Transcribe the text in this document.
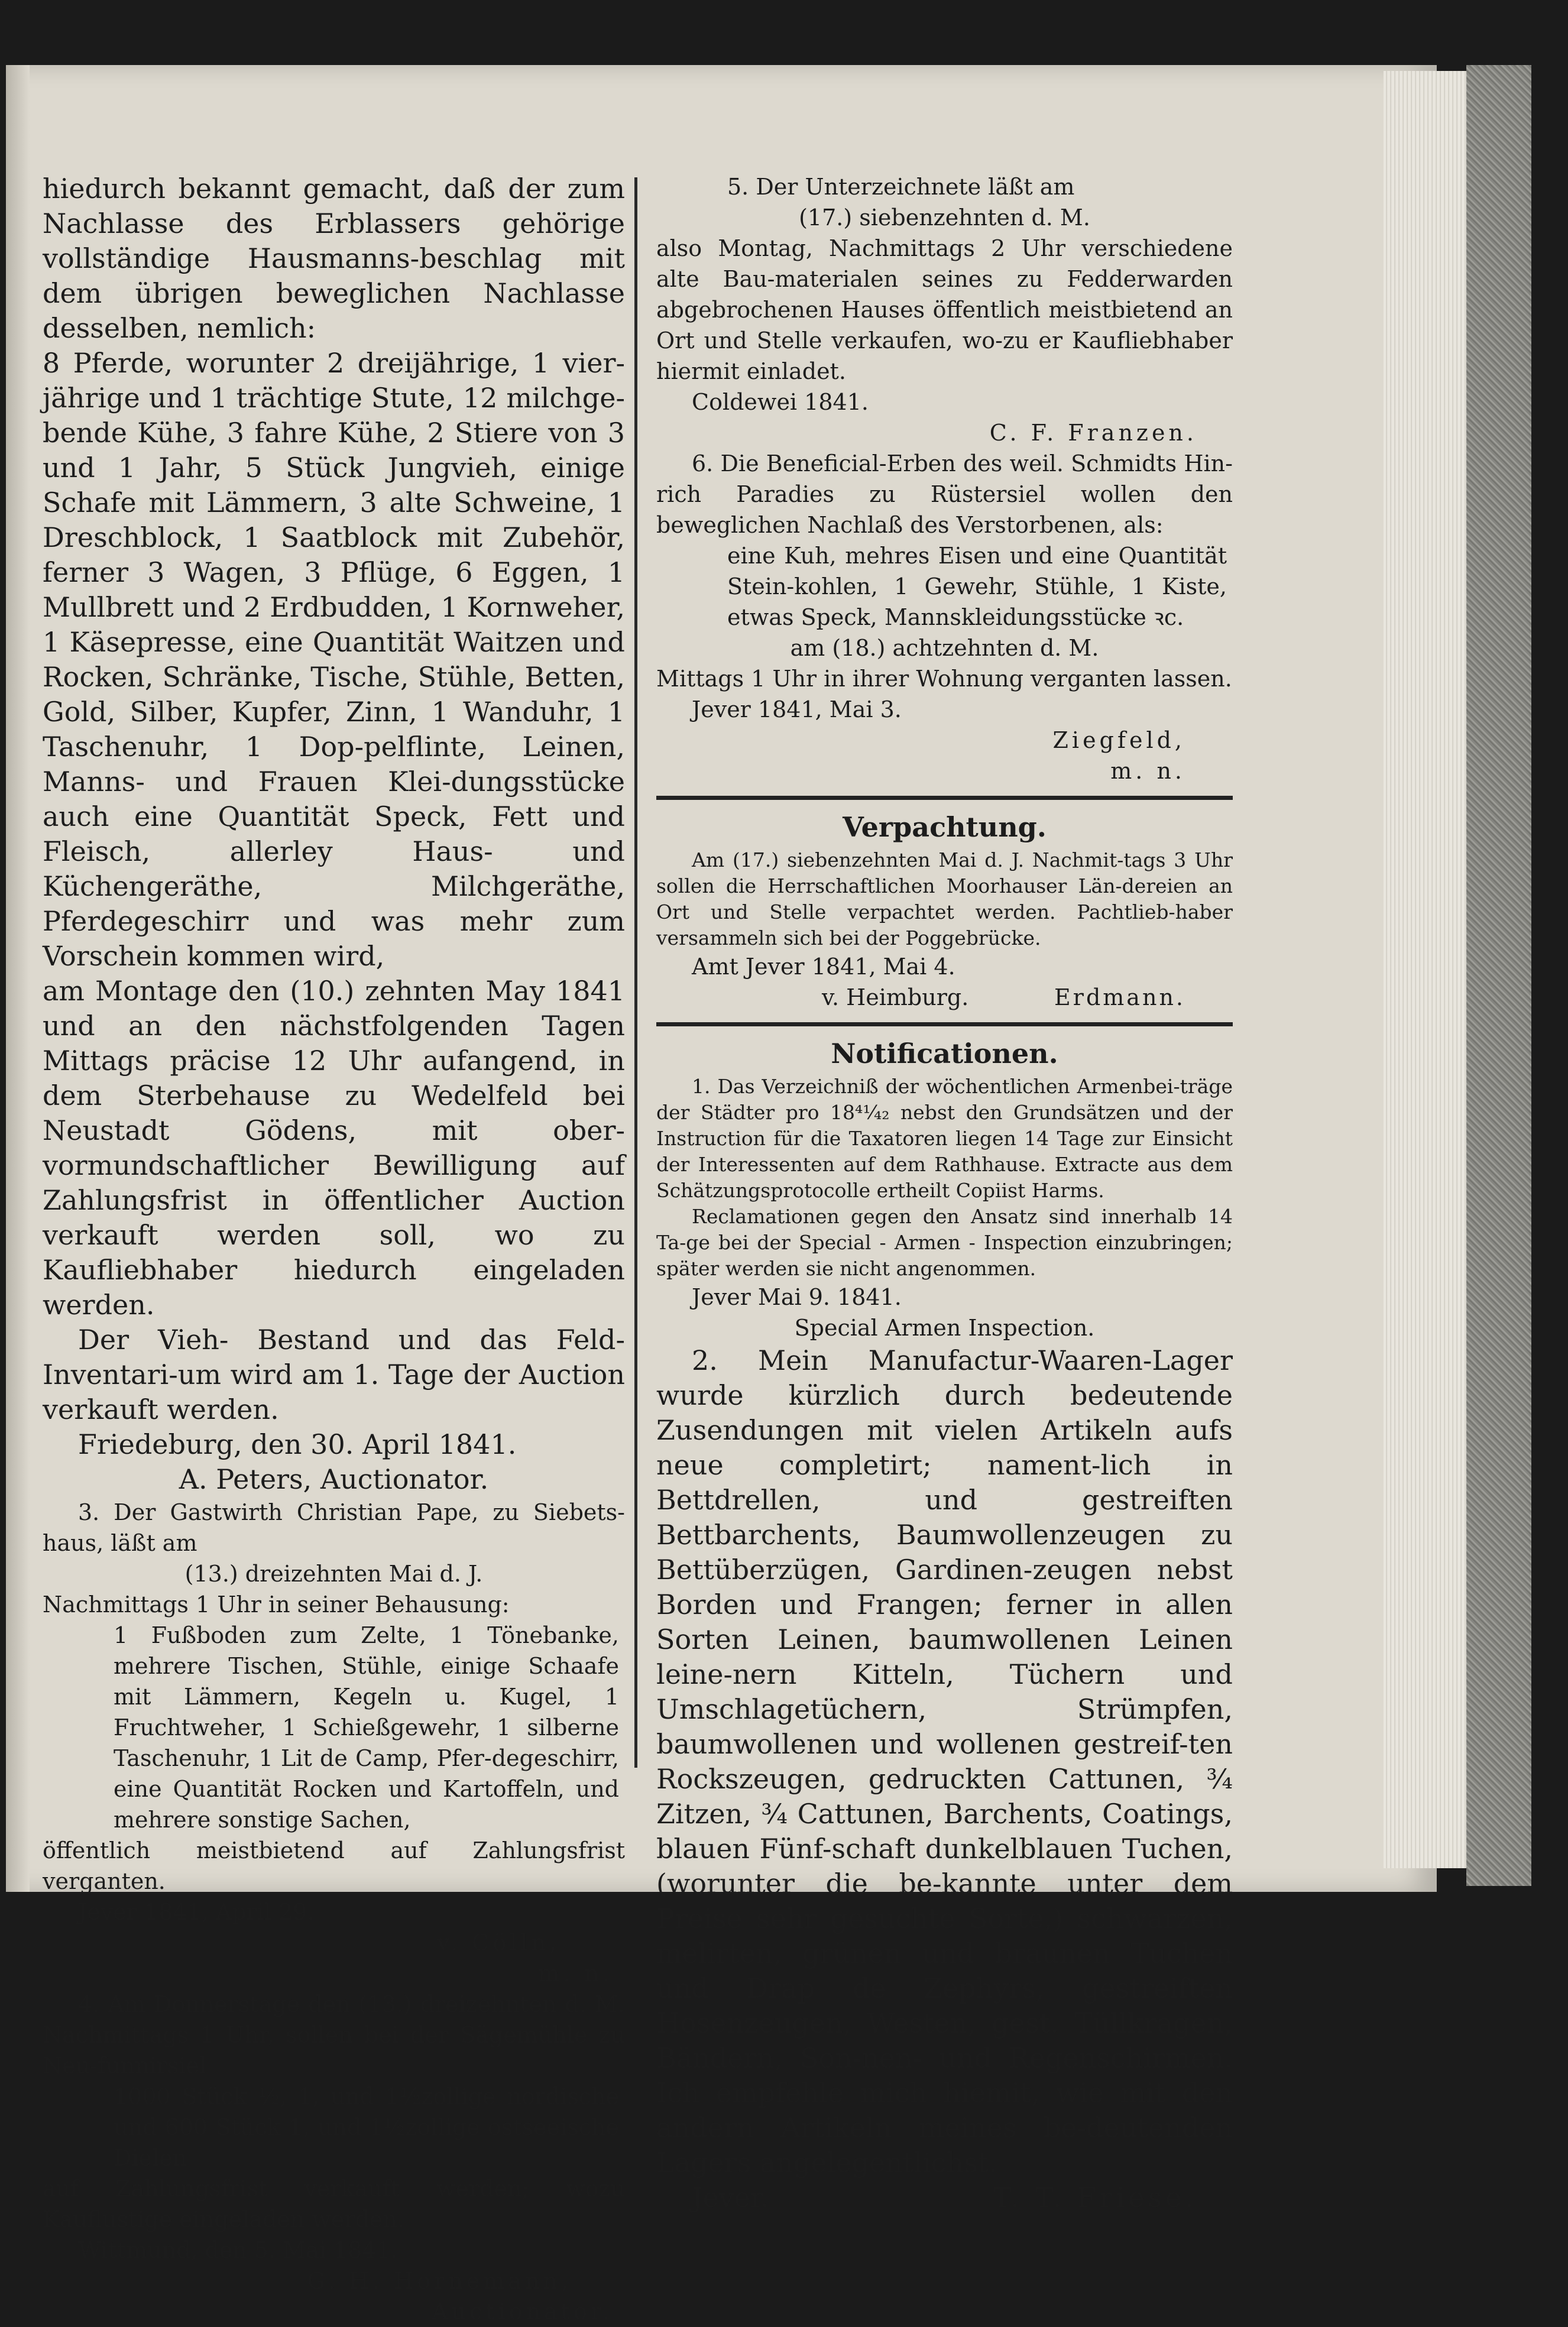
hiedurch bekannt gemacht, daß der zum Nachlasse des Erblassers gehörige vollständige Hausmanns-beschlag mit dem übrigen beweglichen Nachlasse desselben, nemlich:

8 Pferde, worunter 2 dreijährige, 1 vier-jährige und 1 trächtige Stute, 12 milchge-bende Kühe, 3 fahre Kühe, 2 Stiere von 3 und 1 Jahr, 5 Stück Jungvieh, einige Schafe mit Lämmern, 3 alte Schweine, 1 Dreschblock, 1 Saatblock mit Zubehör, ferner 3 Wagen, 3 Pflüge, 6 Eggen, 1 Mullbrett und 2 Erdbudden, 1 Kornweher, 1 Käsepresse, eine Quantität Waitzen und Rocken, Schränke, Tische, Stühle, Betten, Gold, Silber, Kupfer, Zinn, 1 Wanduhr, 1 Taschenuhr, 1 Dop-pelflinte, Leinen, Manns- und Frauen Klei-dungsstücke auch eine Quantität Speck, Fett und Fleisch, allerley Haus- und Küchengeräthe, Milchgeräthe, Pferdegeschirr und was mehr zum Vorschein kommen wird,

am Montage den (10.) zehnten May 1841 und an den nächstfolgenden Tagen Mittags präcise 12 Uhr aufangend, in dem Sterbehause zu Wedelfeld bei Neustadt Gödens, mit ober-vormundschaftlicher Bewilligung auf Zahlungsfrist in öffentlicher Auction verkauft werden soll, wo zu Kaufliebhaber hiedurch eingeladen werden.

Der Vieh- Bestand und das Feld- Inventari-um wird am 1. Tage der Auction verkauft werden.

Friedeburg, den 30. April 1841.

A. Peters, Auctionator.

3. Der Gastwirth Christian Pape, zu Siebets-haus, läßt am

(13.) dreizehnten Mai d. J.

Nachmittags 1 Uhr in seiner Behausung:

1 Fußboden zum Zelte, 1 Tönebanke, mehrere Tischen, Stühle, einige Schaafe mit Lämmern, Kegeln u. Kugel, 1 Fruchtweher, 1 Schießgewehr, 1 silberne Taschenuhr, 1 Lit de Camp, Pfer-degeschirr, eine Quantität Rocken und Kartoffeln, und mehrere sonstige Sachen,

öffentlich meistbietend auf Zahlungsfrist verganten.

Jever 1841, April 29.

v. Cölln,

m. n.

4. Am Donnerstage den (13.) dreizehnten d. M. Nachmittags 1 Uhr, sollen bei der Sägemühle zu Neu-funnirsiel

1000 Stück ½, 1, und 1½zollige nordische und 600 Stück 1, und 1½zollige ostseeische Dielen

auf Zahlungsfrist verkauft werden; wozu Kauflustige eingeladen werden.

Wittmund, den 5. Mai 1841.

G. H. Hornemann,

Auctionator.

5. Der Unterzeichnete läßt am

(17.) siebenzehnten d. M.

also Montag, Nachmittags 2 Uhr verschiedene alte Bau-materialen seines zu Fedderwarden abgebrochenen Hauses öffentlich meistbietend an Ort und Stelle verkaufen, wo-zu er Kaufliebhaber hiermit einladet.

Coldewei 1841.

C. F. Franzen.

6. Die Beneficial-Erben des weil. Schmidts Hin-rich Paradies zu Rüstersiel wollen den beweglichen Nachlaß des Verstorbenen, als:

eine Kuh, mehres Eisen und eine Quantität Stein-kohlen, 1 Gewehr, Stühle, 1 Kiste, etwas Speck, Mannskleidungsstücke ꝛc.

am (18.) achtzehnten d. M.

Mittags 1 Uhr in ihrer Wohnung verganten lassen.

Jever 1841, Mai 3.

Ziegfeld,

m. n.

Verpachtung.

Am (17.) siebenzehnten Mai d. J. Nachmit-tags 3 Uhr sollen die Herrschaftlichen Moorhauser Län-dereien an Ort und Stelle verpachtet werden. Pachtlieb-haber versammeln sich bei der Poggebrücke.

Amt Jever 1841, Mai 4.

v. Heimburg.	Erdmann.
Notificationen.

1. Das Verzeichniß der wöchentlichen Armenbei-träge der Städter pro 18⁴¹⁄₄₂ nebst den Grundsätzen und der Instruction für die Taxatoren liegen 14 Tage zur Einsicht der Interessenten auf dem Rathhause. Extracte aus dem Schätzungsprotocolle ertheilt Copiist Harms.

Reclamationen gegen den Ansatz sind innerhalb 14 Ta-ge bei der Special - Armen - Inspection einzubringen; später werden sie nicht angenommen.

Jever Mai 9. 1841.

Special Armen Inspection.

2. Mein Manufactur-Waaren-Lager wurde kürzlich durch bedeutende Zusendungen mit vielen Artikeln aufs neue completirt; nament-lich in Bettdrellen, und gestreiften Bettbarchents, Baumwollenzeugen zu Bettüberzügen, Gardinen-zeugen nebst Borden und Frangen; ferner in allen Sorten Leinen, baumwollenen Leinen leine-nern Kitteln, Tüchern und Umschlagetüchern, Strümpfen, baumwollenen und wollenen gestreif-ten Rockszeugen, gedruckten Cattunen, ¾ Zitzen, ¾ Cattunen, Barchents, Coatings, blauen Fünf-schaft dunkelblauen Tuchen, (worunter die be-kannte unter dem Preise sehr gesuchte Sorte,) schwarzen, melirten, grünen und braunen Tuchen und Drap de Zephyrs, gestreiften Hosenzeugen, Westen, gest. Tüllkragen, Bändern, Son-nen- und Regenschirmen. Ich empfehle mich hiemit, wie mit den andern Artikeln meines be-deutenden Lagers angelegentlichst.

Jever.	T. T. Friese.
